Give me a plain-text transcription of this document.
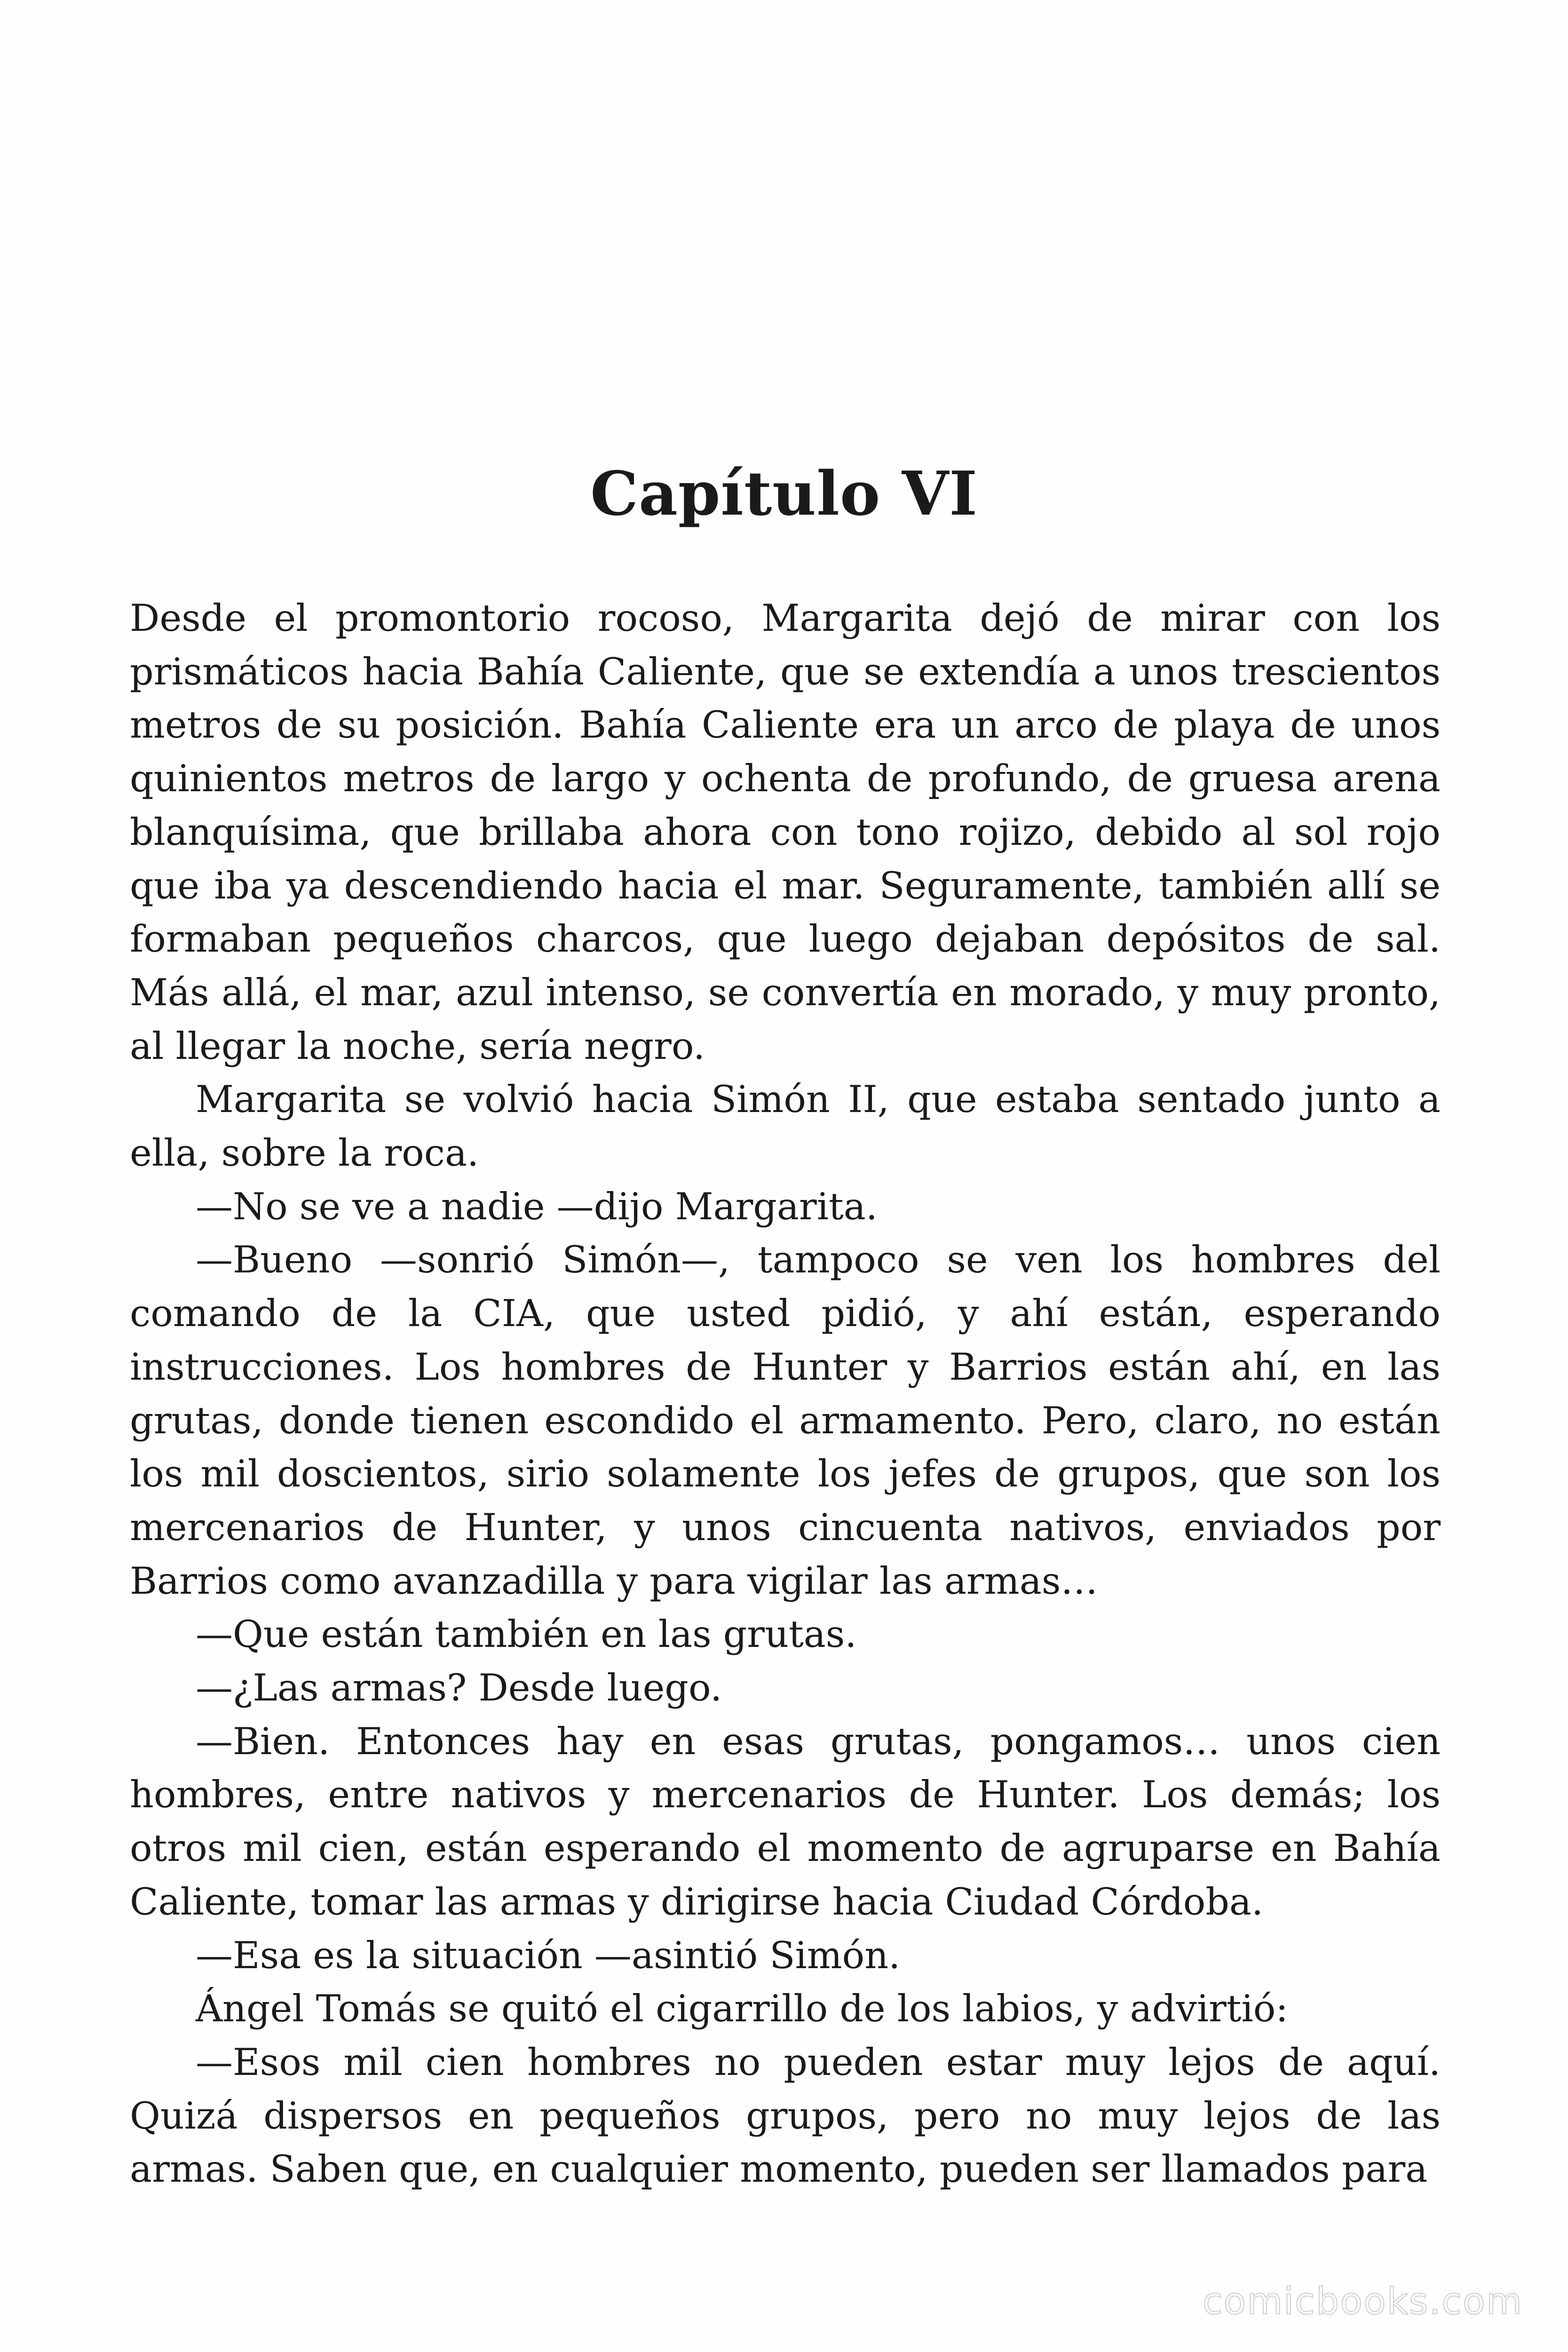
Capítulo VI

Desde el promontorio rocoso, Margarita dejó de mirar con los prismáticos hacia Bahía Caliente, que se extendía a unos trescientos metros de su posición. Bahía Caliente era un arco de playa de unos quinientos metros de largo y ochenta de profundo, de gruesa arena blanquísima, que brillaba ahora con tono rojizo, debido al sol rojo que iba ya descendiendo hacia el mar. Seguramente, también allí se formaban pequeños charcos, que luego dejaban depósitos de sal. Más allá, el mar, azul intenso, se convertía en morado, y muy pronto, al llegar la noche, sería negro.

Margarita se volvió hacia Simón II, que estaba sentado junto a ella, sobre la roca.

—No se ve a nadie —dijo Margarita.

—Bueno —sonrió Simón—, tampoco se ven los hombres del comando de la CIA, que usted pidió, y ahí están, esperando instrucciones. Los hombres de Hunter y Barrios están ahí, en las grutas, donde tienen escondido el armamento. Pero, claro, no están los mil doscientos, sirio solamente los jefes de grupos, que son los mercenarios de Hunter, y unos cincuenta nativos, enviados por Barrios como avanzadilla y para vigilar las armas…

—Que están también en las grutas.

—¿Las armas? Desde luego.

—Bien. Entonces hay en esas grutas, pongamos… unos cien hombres, entre nativos y mercenarios de Hunter. Los demás; los otros mil cien, están esperando el momento de agruparse en Bahía Caliente, tomar las armas y dirigirse hacia Ciudad Córdoba.

—Esa es la situación —asintió Simón.

Ángel Tomás se quitó el cigarrillo de los labios, y advirtió:

—Esos mil cien hombres no pueden estar muy lejos de aquí. Quizá dispersos en pequeños grupos, pero no muy lejos de las armas. Saben que, en cualquier momento, pueden ser llamados para

comicbooks.com
